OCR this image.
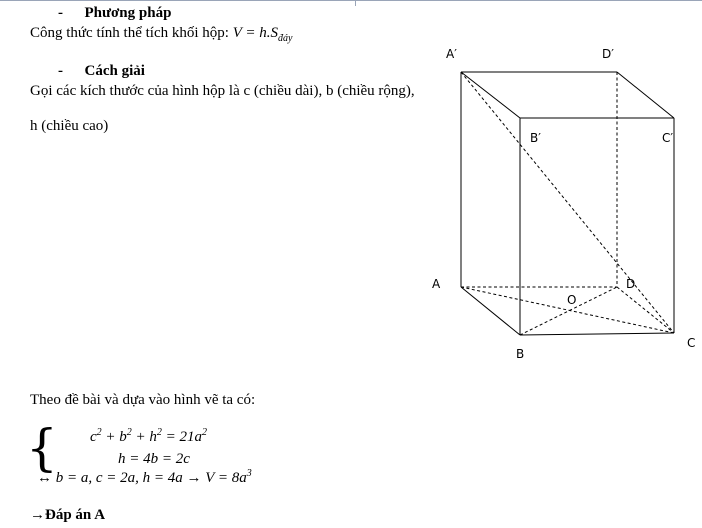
- Phương pháp
Công thức tính thể tích khối hộp: $V = h.S_{đáy}$
- Cách giải
Gọi các kích thước của hình hộp là c (chiều dài), b (chiều rộng),
h (chiều cao)
A′	D′
B′	C′
A	D
O
C
B
Theo đề bài và dựa vào hình vẽ ta có:
{ $c^2 + b^2 + h^2 = 21a^2$
h = 4b = 2c
↔ b = a, c = 2a, $h = 4a \to V = 8a^3$
→Đáp án A
